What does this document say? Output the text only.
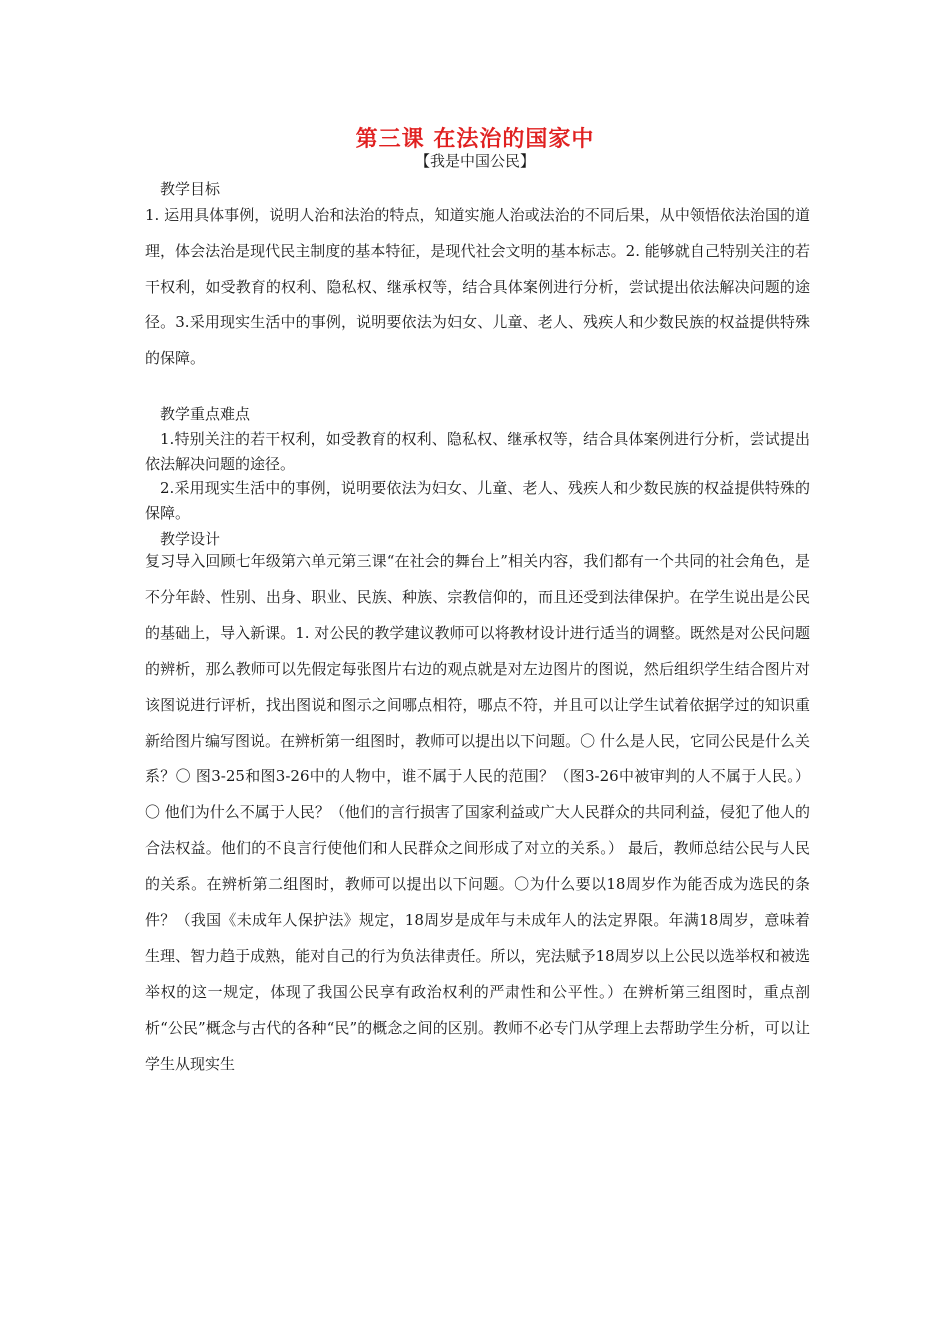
第三课 在法治的国家中
【我是中国公民】
教学目标

1. 运用具体事例，说明人治和法治的特点，知道实施人治或法治的不同后果，从中领悟依法治国的道理，体会法治是现代民主制度的基本特征，是现代社会文明的基本标志。2. 能够就自己特别关注的若干权利，如受教育的权利、隐私权、继承权等，结合具体案例进行分析，尝试提出依法解决问题的途径。3.采用现实生活中的事例，说明要依法为妇女、儿童、老人、残疾人和少数民族的权益提供特殊的保障。

教学重点难点

1.特别关注的若干权利，如受教育的权利、隐私权、继承权等，结合具体案例进行分析，尝试提出依法解决问题的途径。

2.采用现实生活中的事例，说明要依法为妇女、儿童、老人、残疾人和少数民族的权益提供特殊的保障。

教学设计

复习导入回顾七年级第六单元第三课“在社会的舞台上”相关内容，我们都有一个共同的社会角色，是不分年龄、性别、出身、职业、民族、种族、宗教信仰的，而且还受到法律保护。在学生说出是公民的基础上，导入新课。1. 对公民的教学建议教师可以将教材设计进行适当的调整。既然是对公民问题的辨析，那么教师可以先假定每张图片右边的观点就是对左边图片的图说，然后组织学生结合图片对该图说进行评析，找出图说和图示之间哪点相符，哪点不符，并且可以让学生试着依据学过的知识重新给图片编写图说。在辨析第一组图时，教师可以提出以下问题。〇 什么是人民，它同公民是什么关系？〇 图3-25和图3-26中的人物中，谁不属于人民的范围？（图3-26中被审判的人不属于人民。）〇 他们为什么不属于人民？（他们的言行损害了国家利益或广大人民群众的共同利益，侵犯了他人的合法权益。他们的不良言行使他们和人民群众之间形成了对立的关系。） 最后，教师总结公民与人民的关系。在辨析第二组图时，教师可以提出以下问题。〇为什么要以18周岁作为能否成为选民的条件？（我国《未成年人保护法》规定，18周岁是成年与未成年人的法定界限。年满18周岁，意味着生理、智力趋于成熟，能对自己的行为负法律责任。所以，宪法赋予18周岁以上公民以选举权和被选举权的这一规定，体现了我国公民享有政治权利的严肃性和公平性。）在辨析第三组图时，重点剖析“公民”概念与古代的各种“民”的概念之间的区别。教师不必专门从学理上去帮助学生分析，可以让学生从现实生
